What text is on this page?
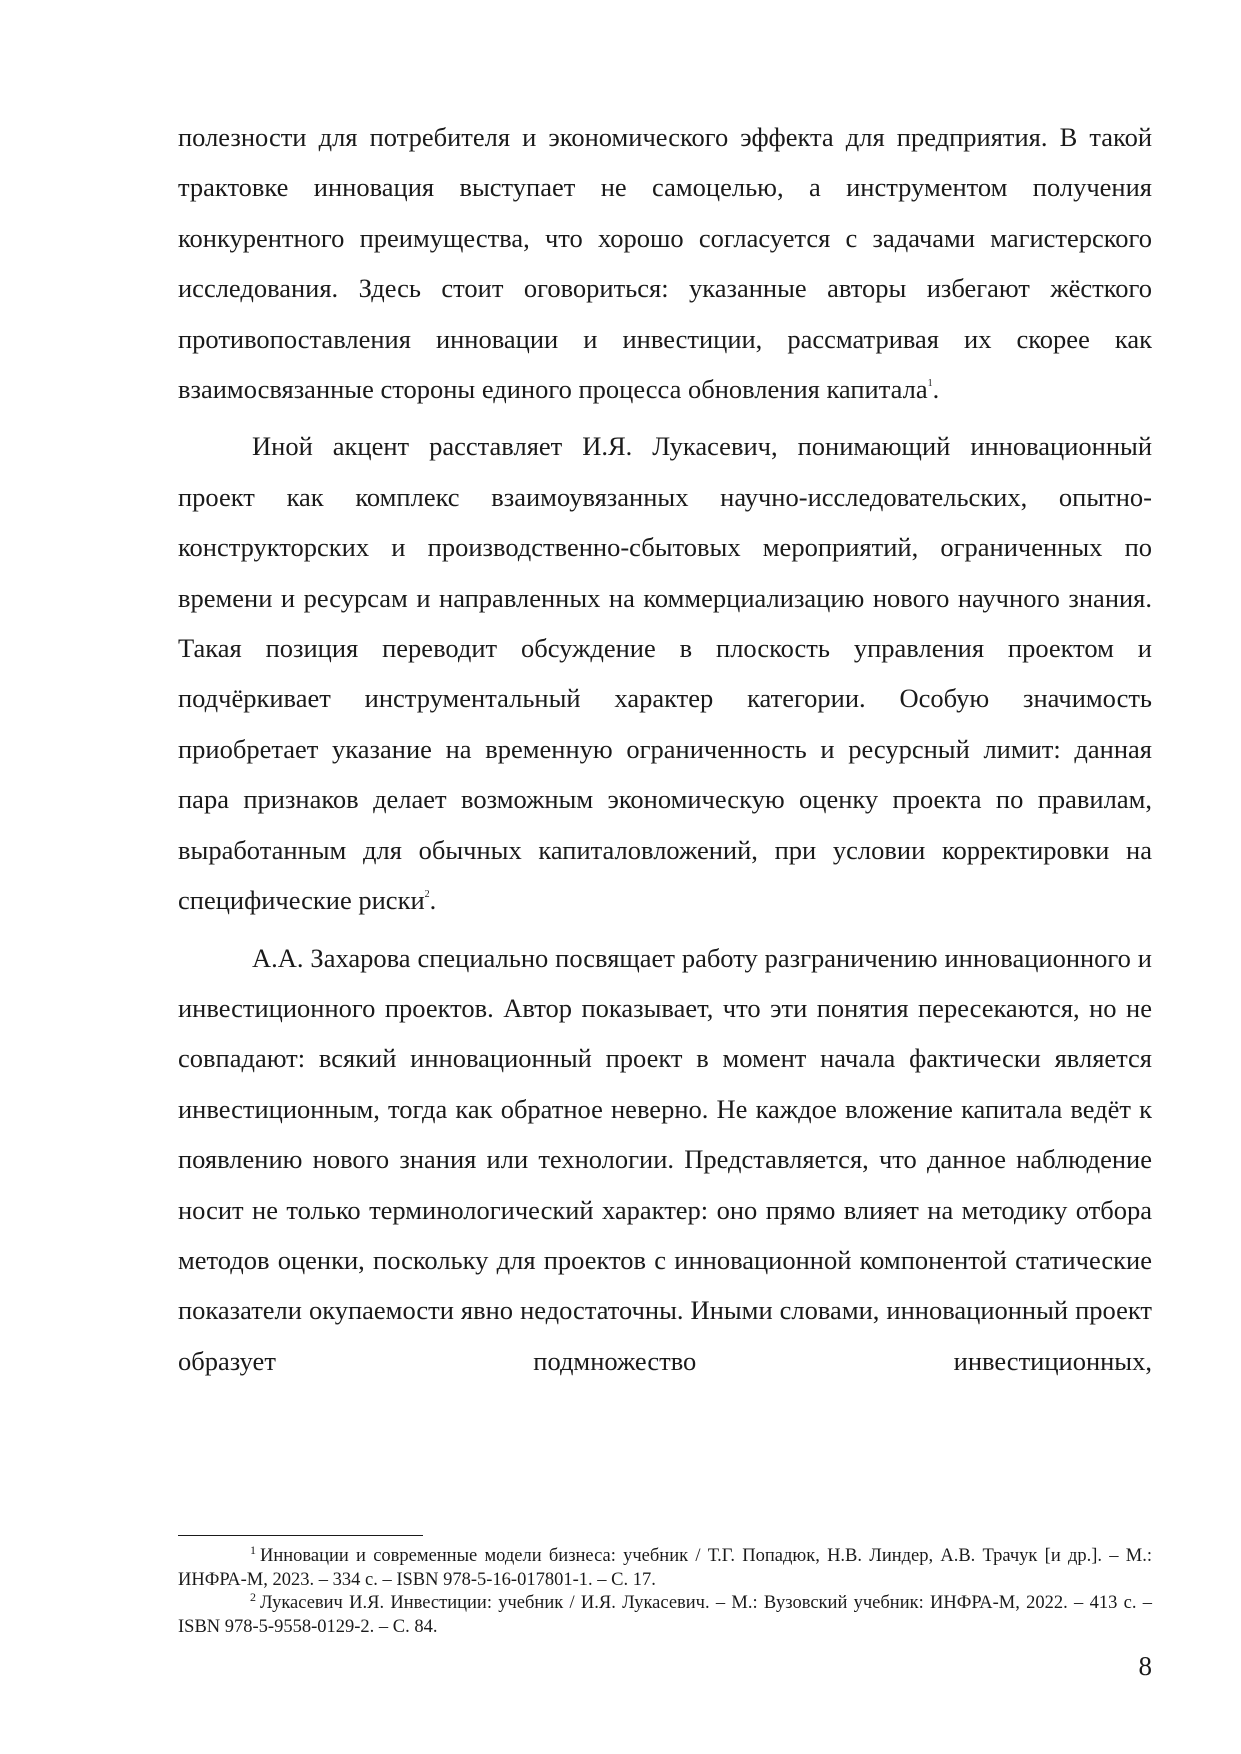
полезности для потребителя и экономического эффекта для предприятия. В такой трактовке инновация выступает не самоцелью, а инструментом получения конкурентного преимущества, что хорошо согласуется с задачами магистерского исследования. Здесь стоит оговориться: указанные авторы избегают жёсткого противопоставления инновации и инвестиции, рассматривая их скорее как взаимосвязанные стороны единого процесса обновления капитала$^1$.

Иной акцент расставляет И.Я. Лукасевич, понимающий инновационный проект как комплекс взаимоувязанных научно-исследовательских, опытно-конструкторских и производственно-сбытовых мероприятий, ограниченных по времени и ресурсам и направленных на коммерциализацию нового научного знания. Такая позиция переводит обсуждение в плоскость управления проектом и подчёркивает инструментальный характер категории. Особую значимость приобретает указание на временную ограниченность и ресурсный лимит: данная пара признаков делает возможным экономическую оценку проекта по правилам, выработанным для обычных капиталовложений, при условии корректировки на специфические риски$^2$.

А.А. Захарова специально посвящает работу разграничению инновационного и инвестиционного проектов. Автор показывает, что эти понятия пересекаются, но не совпадают: всякий инновационный проект в момент начала фактически является инвестиционным, тогда как обратное неверно. Не каждое вложение капитала ведёт к появлению нового знания или технологии. Представляется, что данное наблюдение носит не только терминологический характер: оно прямо влияет на методику отбора методов оценки, поскольку для проектов с инновационной компонентой статические показатели окупаемости явно недостаточны. Иными словами, инновационный проект образует подмножество инвестиционных,

$^1$ Инновации и современные модели бизнеса: учебник / Т.Г. Попадюк, Н.В. Линдер, А.В. Трачук [и др.]. – М.: ИНФРА-М, 2023. – 334 с. – ISBN 978-5-16-017801-1. – С. 17.

$^2$ Лукасевич И.Я. Инвестиции: учебник / И.Я. Лукасевич. – М.: Вузовский учебник: ИНФРА-М, 2022. – 413 с. – ISBN 978-5-9558-0129-2. – С. 84.

8
